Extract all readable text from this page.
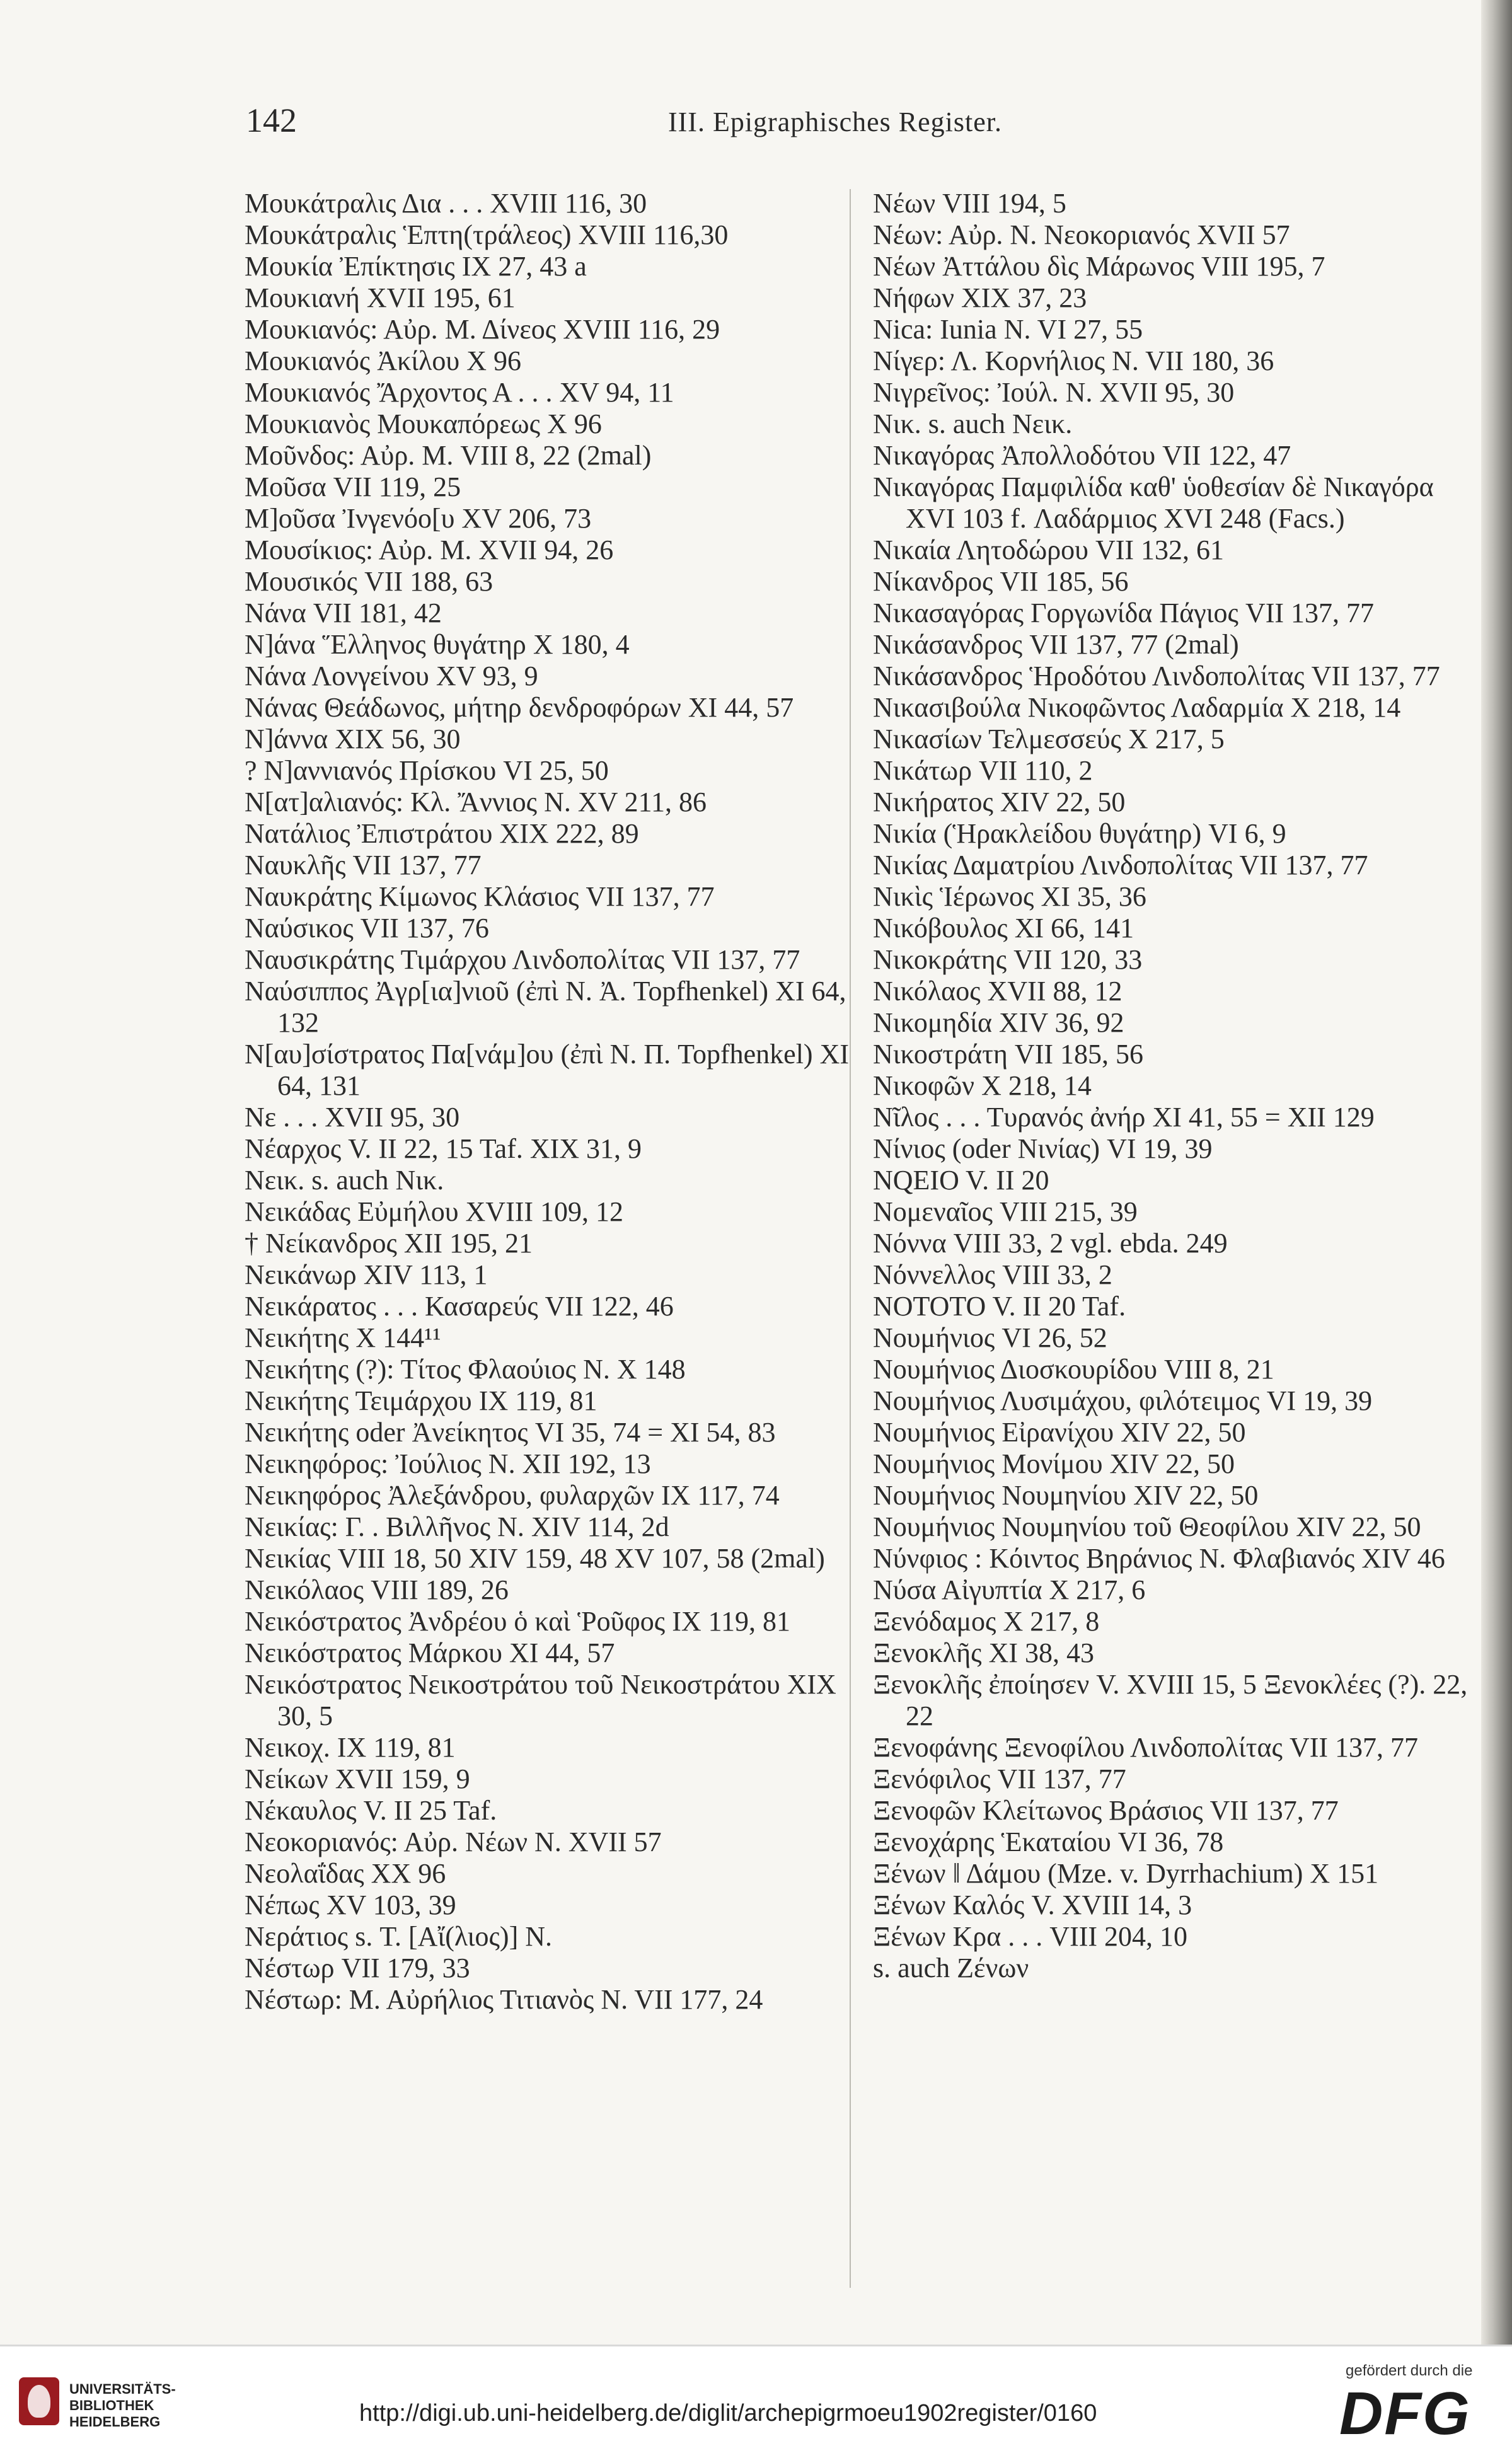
142	III. Epigraphisches Register.

Μουκάτραλις Δια . . . XVIII 116, 30

Μουκάτραλις Ἑπτη(τράλεος) XVIII 116,30

Μουκία Ἐπίκτησις IX 27, 43 a

Μουκιανή XVII 195, 61

Μουκιανός: Αὐρ. Μ. Δίνεος XVIII 116, 29

Μουκιανός Ἀκίλου X 96

Μουκιανός Ἄρχοντος Α . . . XV 94, 11

Μουκιανὸς Μουκαπόρεως X 96

Μοῦνδος: Αὐρ. Μ. VIII 8, 22 (2mal)

Μοῦσα VII 119, 25

Μ]οῦσα Ἰνγενόο[υ XV 206, 73

Μουσίκιος: Αὐρ. Μ. XVII 94, 26

Μουσικός VII 188, 63

Νάνα VII 181, 42

Ν]άνα Ἕλληνος θυγάτηρ X 180, 4

Νάνα Λονγείνου XV 93, 9

Νάνας Θεάδωνος, μήτηρ δενδροφόρων XI 44, 57

Ν]άννα XIX 56, 30

? Ν]αννιανός Πρίσκου VI 25, 50

Ν[ατ]αλιανός: Κλ. Ἄννιος N. XV 211, 86

Νατάλιος Ἐπιστράτου XIX 222, 89

Ναυκλῆς VII 137, 77

Ναυκράτης Κίμωνος Κλάσιος VII 137, 77

Ναύσικος VII 137, 76

Ναυσικράτης Τιμάρχου Λινδοπολίτας VII 137, 77

Ναύσιππος Ἀγρ[ια]νιοῦ (ἐπὶ Ν. Ἀ. Topfhenkel) XI 64, 132

Ν[αυ]σίστρατος Πα[νάμ]ου (ἐπὶ Ν. Π. Topfhenkel) XI 64, 131

Νε . . . XVII 95, 30

Νέαρχος V. II 22, 15 Taf. XIX 31, 9

Νεικ. s. auch Νικ.

Νεικάδας Εὐμήλου XVIII 109, 12

† Νείκανδρος XII 195, 21

Νεικάνωρ XIV 113, 1

Νεικάρατος . . . Κασαρεύς VII 122, 46

Νεικήτης X 144¹¹

Νεικήτης (?): Τίτος Φλαούιος N. X 148

Νεικήτης Τειμάρχου IX 119, 81

Νεικήτης oder Ἀνείκητος VI 35, 74 = XI 54, 83

Νεικηφόρος: Ἰούλιος N. XII 192, 13

Νεικηφόρος Ἀλεξάνδρου, φυλαρχῶν IX 117, 74

Νεικίας: Γ. . Βιλλῆνος N. XIV 114, 2d

Νεικίας VIII 18, 50 XIV 159, 48 XV 107, 58 (2mal)

Νεικόλαος VIII 189, 26

Νεικόστρατος Ἀνδρέου ὁ καὶ Ῥοῦφος IX 119, 81

Νεικόστρατος Μάρκου XI 44, 57

Νεικόστρατος Νεικοστράτου τοῦ Νεικοστράτου XIX 30, 5

Νεικοχ. IX 119, 81

Νείκων XVII 159, 9

Νέκαυλος V. II 25 Taf.

Νεοκοριανός: Αὐρ. Νέων N. XVII 57

Νεολαΐδας XX 96

Νέπως XV 103, 39

Νεράτιος s. Τ. [Αἴ(λιος)] N.

Νέστωρ VII 179, 33

Νέστωρ: Μ. Αὐρήλιος Τιτιανὸς N. VII 177, 24

Νέων VIII 194, 5

Νέων: Αὐρ. Ν. Νεοκοριανός XVII 57

Νέων Ἀττάλου δὶς Μάρωνος VIII 195, 7

Νήφων XIX 37, 23

Nica: Iunia N. VI 27, 55

Νίγερ: Λ. Κορνήλιος N. VII 180, 36

Νιγρεῖνος: Ἰούλ. N. XVII 95, 30

Νικ. s. auch Νεικ.

Νικαγόρας Ἀπολλοδότου VII 122, 47

Νικαγόρας Παμφιλίδα καθ' ὑοθεσίαν δὲ Νικαγόρα XVI 103 f. Λαδάρμιος XVI 248 (Facs.)

Νικαία Λητοδώρου VII 132, 61

Νίκανδρος VII 185, 56

Νικασαγόρας Γοργωνίδα Πάγιος VII 137, 77

Νικάσανδρος VII 137, 77 (2mal)

Νικάσανδρος Ἡροδότου Λινδοπολίτας VII 137, 77

Νικασιβούλα Νικοφῶντος Λαδαρμία X 218, 14

Νικασίων Τελμεσσεύς X 217, 5

Νικάτωρ VII 110, 2

Νικήρατος XIV 22, 50

Νικία (Ἡρακλείδου θυγάτηρ) VI 6, 9

Νικίας Δαματρίου Λινδοπολίτας VII 137, 77

Νικὶς Ἱέρωνος XI 35, 36

Νικόβουλος XI 66, 141

Νικοκράτης VII 120, 33

Νικόλαος XVII 88, 12

Νικομηδία XIV 36, 92

Νικοστράτη VII 185, 56

Νικοφῶν X 218, 14

Νῖλος . . . Τυρανός ἀνήρ XI 41, 55 = XII 129

Νίνιος (oder Νινίας) VI 19, 39

NQEIO V. II 20

Νομεναῖος VIII 215, 39

Νόννα VIII 33, 2 vgl. ebda. 249

Νόννελλος VIII 33, 2

NOTOTO V. II 20 Taf.

Νουμήνιος VI 26, 52

Νουμήνιος Διοσκουρίδου VIII 8, 21

Νουμήνιος Λυσιμάχου, φιλότειμος VI 19, 39

Νουμήνιος Εἰρανίχου XIV 22, 50

Νουμήνιος Μονίμου XIV 22, 50

Νουμήνιος Νουμηνίου XIV 22, 50

Νουμήνιος Νουμηνίου τοῦ Θεοφίλου XIV 22, 50

Νύνφιος : Κόιντος Βηράνιος N. Φλαβιανός XIV 46

Νύσα Αἰγυπτία X 217, 6

Ξενόδαμος X 217, 8

Ξενοκλῆς XI 38, 43

Ξενοκλῆς ἐποίησεν V. XVIII 15, 5 Ξενοκλέες (?). 22, 22

Ξενοφάνης Ξενοφίλου Λινδοπολίτας VII 137, 77

Ξενόφιλος VII 137, 77

Ξενοφῶν Κλείτωνος Βράσιος VII 137, 77

Ξενοχάρης Ἑκαταίου VI 36, 78

Ξένων ‖ Δάμου (Mze. v. Dyrrhachium) X 151

Ξένων Καλός V. XVIII 14, 3

Ξένων Κρα . . . VIII 204, 10

s. auch Ζένων

UNIVERSITÄTS- BIBLIOTHEK HEIDELBERG	http://digi.ub.uni-heidelberg.de/diglit/archepigrmoeu1902register/0160
gefördert durch die
DFG
